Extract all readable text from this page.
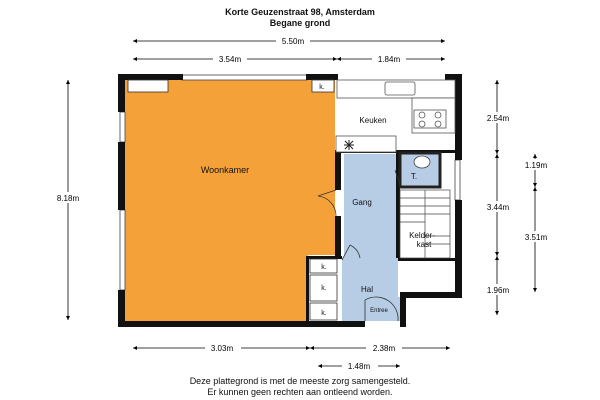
Korte Geuzenstraat 98, Amsterdam
Begane grond
Woonkamer
Keuken
Gang
Hal
T.
Kelder-
kast
Entree
k.
k.
k.
k.
5.50m
3.54m	1.84m
8.18m
2.54m
1.19m
3.44m
3.51m
1.96m
3.03m	2.38m
1.48m
Deze plattegrond is met de meeste zorg samengesteld.
Er kunnen geen rechten aan ontleend worden.
